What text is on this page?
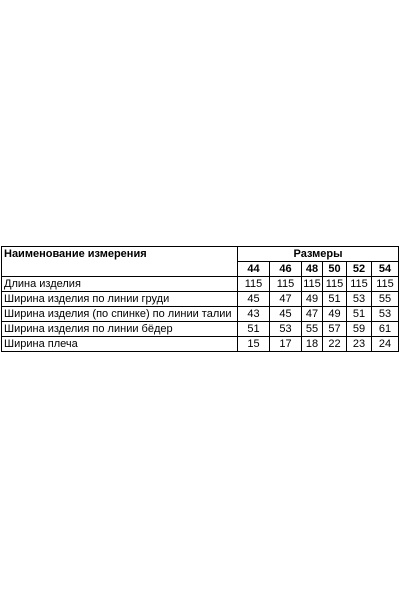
Наименование измерения	Размеры					
	44	46	48	50	52	54
Длина изделия	115	115	115	115	115	115
Ширина изделия по линии груди	45	47	49	51	53	55
Ширина изделия (по спинке) по линии талии	43	45	47	49	51	53
Ширина изделия по линии бёдер	51	53	55	57	59	61
Ширина плеча	15	17	18	22	23	24
